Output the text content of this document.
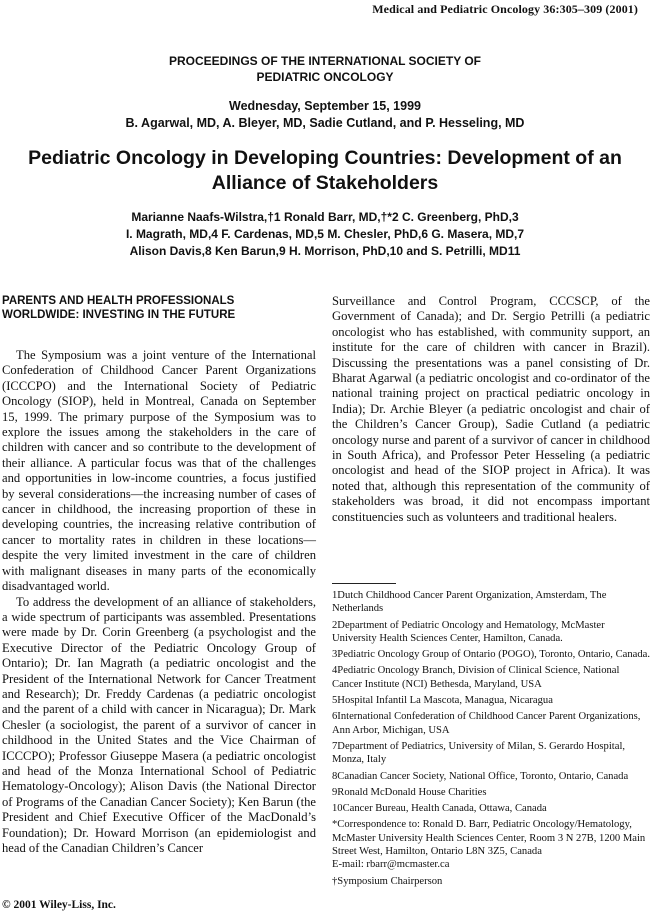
Medical and Pediatric Oncology 36:305–309 (2001)
PROCEEDINGS OF THE INTERNATIONAL SOCIETY OF
PEDIATRIC ONCOLOGY
Wednesday, September 15, 1999
B. Agarwal, MD, A. Bleyer, MD, Sadie Cutland, and P. Hesseling, MD
Pediatric Oncology in Developing Countries: Development of an
Alliance of Stakeholders
Marianne Naafs-Wilstra,†1 Ronald Barr, MD,†*2 C. Greenberg, PhD,3
I. Magrath, MD,4 F. Cardenas, MD,5 M. Chesler, PhD,6 G. Masera, MD,7
Alison Davis,8 Ken Barun,9 H. Morrison, PhD,10 and S. Petrilli, MD11
PARENTS AND HEALTH PROFESSIONALS
WORLDWIDE: INVESTING IN THE FUTURE

The Symposium was a joint venture of the International Confederation of Childhood Cancer Parent Organizations (ICCCPO) and the International Society of Pediatric Oncology (SIOP), held in Montreal, Canada on September 15, 1999. The primary purpose of the Symposium was to explore the issues among the stakeholders in the care of children with cancer and so contribute to the development of their alliance. A particular focus was that of the challenges and opportunities in low-income countries, a focus justified by several considerations—the increasing number of cases of cancer in childhood, the increasing proportion of these in developing countries, the increasing relative contribution of cancer to mortality rates in children in these locations—despite the very limited investment in the care of children with malignant diseases in many parts of the economically disadvantaged world.

To address the development of an alliance of stakeholders, a wide spectrum of participants was assembled. Presentations were made by Dr. Corin Greenberg (a psychologist and the Executive Director of the Pediatric Oncology Group of Ontario); Dr. Ian Magrath (a pediatric oncologist and the President of the International Network for Cancer Treatment and Research); Dr. Freddy Cardenas (a pediatric oncologist and the parent of a child with cancer in Nicaragua); Dr. Mark Chesler (a sociologist, the parent of a survivor of cancer in childhood in the United States and the Vice Chairman of ICCCPO); Professor Giuseppe Masera (a pediatric oncologist and head of the Monza International School of Pediatric Hematology-Oncology); Alison Davis (the National Director of Programs of the Canadian Cancer Society); Ken Barun (the President and Chief Executive Officer of the MacDonald’s Foundation); Dr. Howard Morrison (an epidemiologist and head of the Canadian Children’s Cancer

Surveillance and Control Program, CCCSCP, of the Government of Canada); and Dr. Sergio Petrilli (a pediatric oncologist who has established, with community support, an institute for the care of children with cancer in Brazil). Discussing the presentations was a panel consisting of Dr. Bharat Agarwal (a pediatric oncologist and co-ordinator of the national training project on practical pediatric oncology in India); Dr. Archie Bleyer (a pediatric oncologist and chair of the Children’s Cancer Group), Sadie Cutland (a pediatric oncology nurse and parent of a survivor of cancer in childhood in South Africa), and Professor Peter Hesseling (a pediatric oncologist and head of the SIOP project in Africa). It was noted that, although this representation of the community of stakeholders was broad, it did not encompass important constituencies such as volunteers and traditional healers.

1Dutch Childhood Cancer Parent Organization, Amsterdam, The Netherlands
2Department of Pediatric Oncology and Hematology, McMaster University Health Sciences Center, Hamilton, Canada.
3Pediatric Oncology Group of Ontario (POGO), Toronto, Ontario, Canada.
4Pediatric Oncology Branch, Division of Clinical Science, National Cancer Institute (NCI) Bethesda, Maryland, USA
5Hospital Infantil La Mascota, Managua, Nicaragua
6International Confederation of Childhood Cancer Parent Organizations, Ann Arbor, Michigan, USA
7Department of Pediatrics, University of Milan, S. Gerardo Hospital, Monza, Italy
8Canadian Cancer Society, National Office, Toronto, Ontario, Canada
9Ronald McDonald House Charities
10Cancer Bureau, Health Canada, Ottawa, Canada
*Correspondence to: Ronald D. Barr, Pediatric Oncology/Hematology, McMaster University Health Sciences Center, Room 3 N 27B, 1200 Main Street West, Hamilton, Ontario L8N 3Z5, Canada
E-mail: rbarr@mcmaster.ca
†Symposium Chairperson
© 2001 Wiley-Liss, Inc.
